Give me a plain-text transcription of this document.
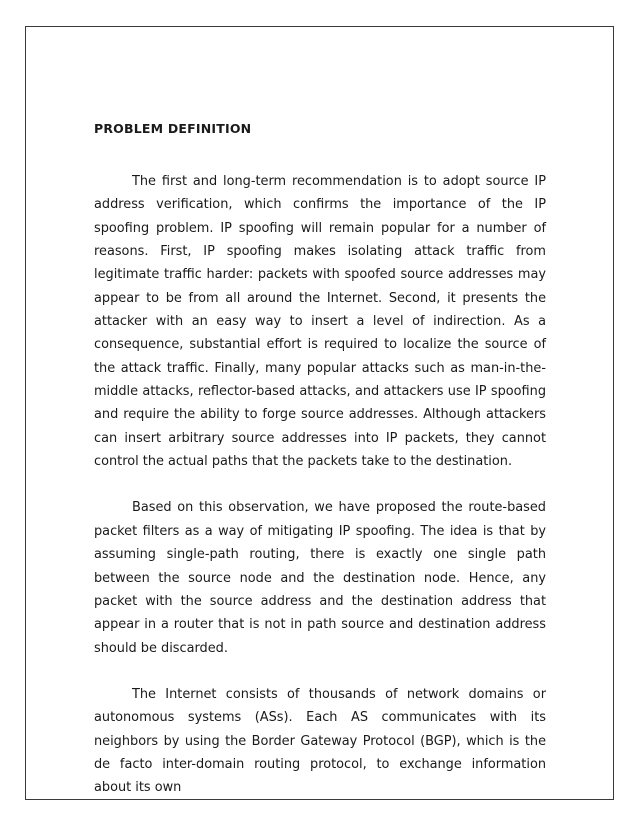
PROBLEM DEFINITION

The first and long-term recommendation is to adopt source IP address verification, which confirms the importance of the IP spoofing problem. IP spoofing will remain popular for a number of reasons. First, IP spoofing makes isolating attack traffic from legitimate traffic harder: packets with spoofed source addresses may appear to be from all around the Internet. Second, it presents the attacker with an easy way to insert a level of indirection. As a consequence, substantial effort is required to localize the source of the attack traffic. Finally, many popular attacks such as man-in-the-middle attacks, reflector-based attacks, and attackers use IP spoofing and require the ability to forge source addresses. Although attackers can insert arbitrary source addresses into IP packets, they cannot control the actual paths that the packets take to the destination.

Based on this observation, we have proposed the route-based packet filters as a way of mitigating IP spoofing. The idea is that by assuming single-path routing, there is exactly one single path between the source node and the destination node. Hence, any packet with the source address and the destination address that appear in a router that is not in path source and destination address should be discarded.

The Internet consists of thousands of network domains or autonomous systems (ASs). Each AS communicates with its neighbors by using the Border Gateway Protocol (BGP), which is the de facto inter-domain routing protocol, to exchange information about its own
